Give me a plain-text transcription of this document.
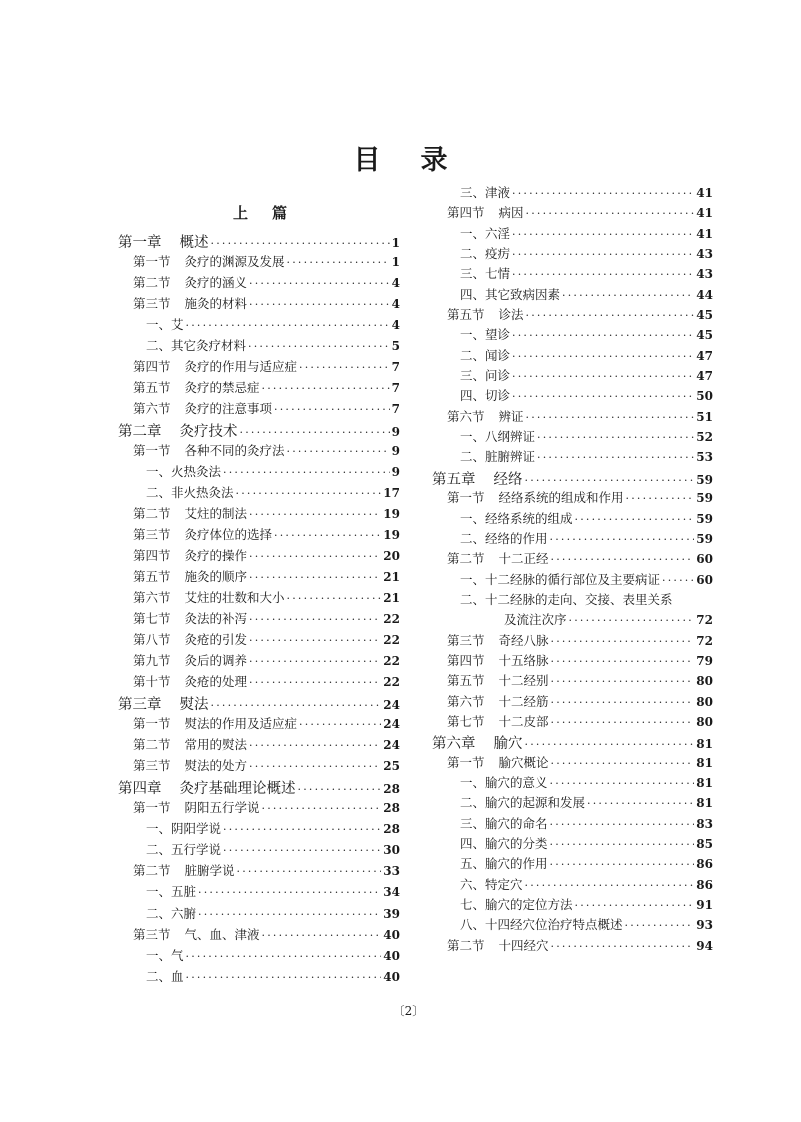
目录
上篇
第一章 概述 ·····	1
第一节 灸疗的渊源及发展 ·····	1
第二节 灸疗的涵义 ·····	4
第三节 施灸的材料 ·····	4
一、艾 ·····	4
二、其它灸疗材料 ·····	5
第四节 灸疗的作用与适应症 ·····	7
第五节 灸疗的禁忌症 ·····	7
第六节 灸疗的注意事项 ·····	7
第二章 灸疗技术 ·····	9
第一节 各种不同的灸疗法 ·····	9
一、火热灸法 ·····	9
二、非火热灸法 ·····	17
第二节 艾炷的制法 ·····	19
第三节 灸疗体位的选择 ·····	19
第四节 灸疗的操作 ·····	20
第五节 施灸的顺序 ·····	21
第六节 艾炷的壮数和大小 ·····	21
第七节 灸法的补泻 ·····	22
第八节 灸疮的引发 ·····	22
第九节 灸后的调养 ·····	22
第十节 灸疮的处理 ·····	22
第三章 熨法 ·····	24
第一节 熨法的作用及适应症 ·····	24
第二节 常用的熨法 ·····	24
第三节 熨法的处方 ·····	25
第四章 灸疗基础理论概述 ·····	28
第一节 阴阳五行学说 ·····	28
一、阴阳学说 ·····	28
二、五行学说 ·····	30
第二节 脏腑学说 ·····	33
一、五脏 ·····	34
二、六腑 ·····	39
第三节 气、血、津液 ·····	40
一、气 ·····	40
二、血 ·····	40
三、津液 ·····	41
第四节 病因 ·····	41
一、六淫 ·····	41
二、疫疠 ·····	43
三、七情 ·····	43
四、其它致病因素 ·····	44
第五节 诊法 ·····	45
一、望诊 ·····	45
二、闻诊 ·····	47
三、问诊 ·····	47
四、切诊 ·····	50
第六节 辨证 ·····	51
一、八纲辨证 ·····	52
二、脏腑辨证 ·····	53
第五章 经络 ·····	59
第一节 经络系统的组成和作用 ·····	59
一、经络系统的组成 ·····	59
二、经络的作用 ·····	59
第二节 十二正经 ·····	60
一、十二经脉的循行部位及主要病证 ·····	60
二、十二经脉的走向、交接、表里关系
及流注次序 ·····	72
第三节 奇经八脉 ·····	72
第四节 十五络脉 ·····	79
第五节 十二经别 ·····	80
第六节 十二经筋 ·····	80
第七节 十二皮部 ·····	80
第六章 腧穴 ·····	81
第一节 腧穴概论 ·····	81
一、腧穴的意义 ·····	81
二、腧穴的起源和发展 ·····	81
三、腧穴的命名 ·····	83
四、腧穴的分类 ·····	85
五、腧穴的作用 ·····	86
六、特定穴 ·····	86
七、腧穴的定位方法 ·····	91
八、十四经穴位治疗特点概述 ·····	93
第二节 十四经穴 ·····	94
〔2〕
